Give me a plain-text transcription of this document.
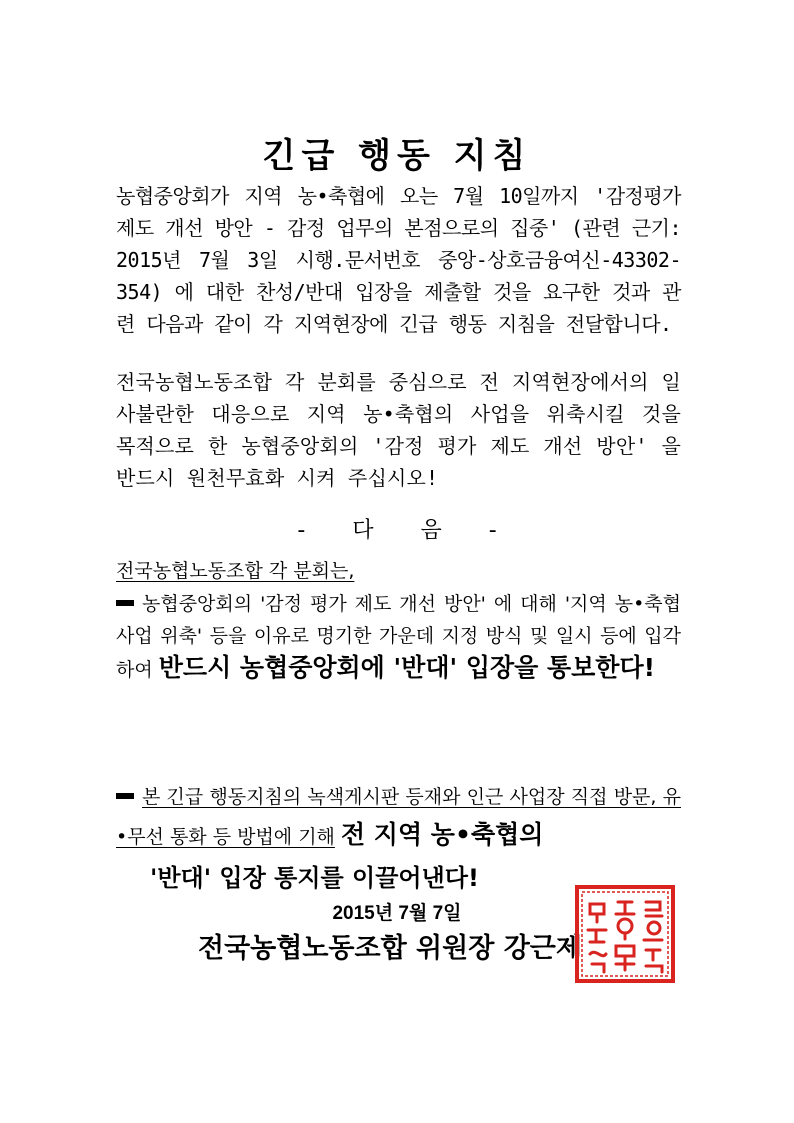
긴급 행동 지침
농협중앙회가 지역 농•축협에 오는 7월 10일까지 '감정평가 제도 개선 방안 - 감정 업무의 본점으로의 집중' (관련 근기: 2015년 7월 3일 시행.문서번호 중앙-상호금융여신-43302-354) 에 대한 찬성/반대 입장을 제출할 것을 요구한 것과 관련 다음과 같이 각 지역현장에 긴급 행동 지침을 전달합니다.
전국농협노동조합 각 분회를 중심으로 전 지역현장에서의 일사불란한 대응으로 지역 농•축협의 사업을 위축시킬 것을 목적으로 한 농협중앙회의 '감정 평가 제도 개선 방안' 을 반드시 원천무효화 시켜 주십시오!
- 다 음 -
전국농협노동조합 각 분회는,
농협중앙회의 '감정 평가 제도 개선 방안' 에 대해 '지역 농•축협 사업 위축' 등을 이유로 명기한 가운데 지정 방식 및 일시 등에 입각하여 반드시 농협중앙회에 '반대' 입장을 통보한다!
본 긴급 행동지침의 녹색게시판 등재와 인근 사업장 직접 방문, 유•무선 통화 등 방법에 기해 전 지역 농•축협의
'반대' 입장 통지를 이끌어낸다!
2015년 7월 7일
전국농협노동조합 위원장 강근제
